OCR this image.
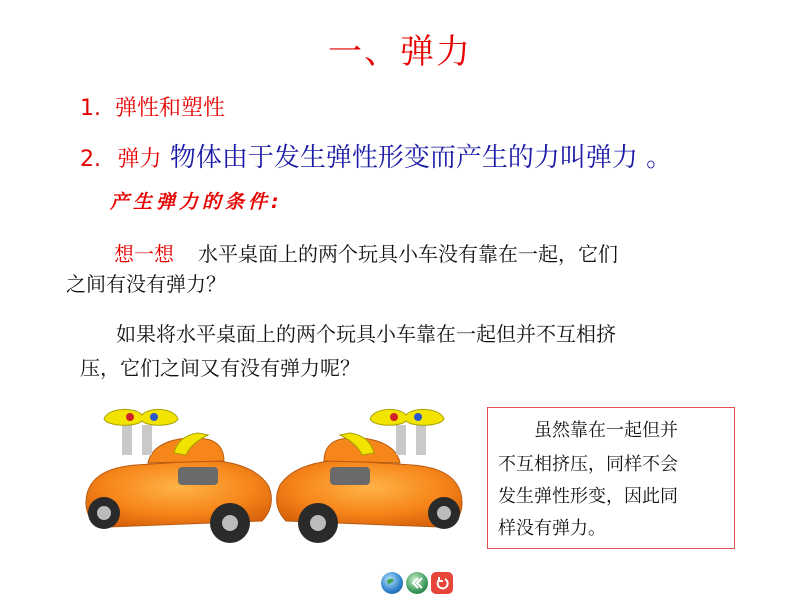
一、弹力
1. 弹性和塑性
2. 弹力 物体由于发生弹性形变而产生的力叫弹力 。
产生弹力的条件:
想一想 水平桌面上的两个玩具小车没有靠在一起，它们
之间有没有弹力？
如果将水平桌面上的两个玩具小车靠在一起但并不互相挤
压，它们之间又有没有弹力呢？
虽然靠在一起但并
不互相挤压，同样不会
发生弹性形变，因此同
样没有弹力。
